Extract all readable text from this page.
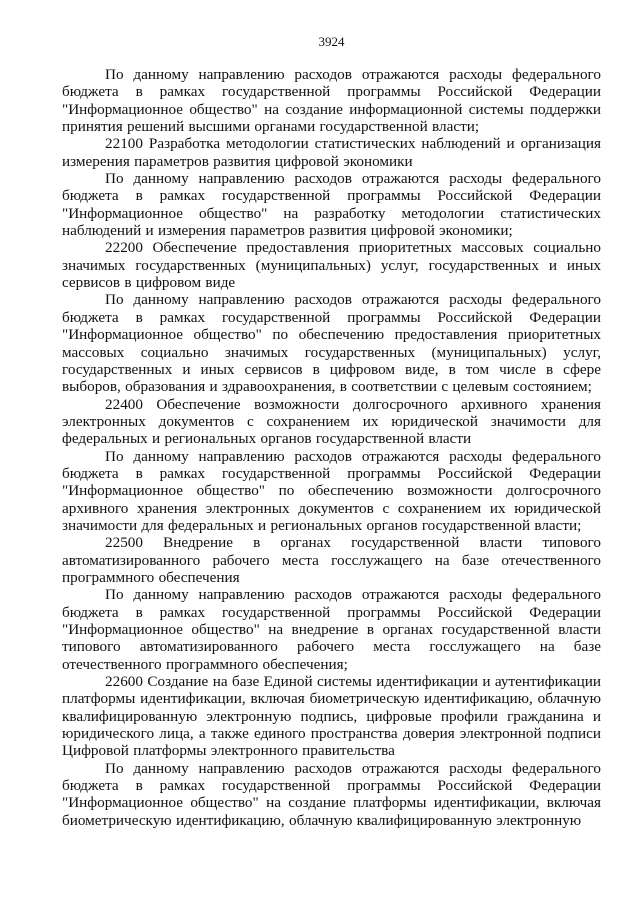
3924

По данному направлению расходов отражаются расходы федерального бюджета в рамках государственной программы Российской Федерации "Информационное общество" на создание информационной системы поддержки принятия решений высшими органами государственной власти;

22100 Разработка методологии статистических наблюдений и организация измерения параметров развития цифровой экономики

По данному направлению расходов отражаются расходы федерального бюджета в рамках государственной программы Российской Федерации "Информационное общество" на разработку методологии статистических наблюдений и измерения параметров развития цифровой экономики;

22200 Обеспечение предоставления приоритетных массовых социально значимых государственных (муниципальных) услуг, государственных и иных сервисов в цифровом виде

По данному направлению расходов отражаются расходы федерального бюджета в рамках государственной программы Российской Федерации "Информационное общество" по обеспечению предоставления приоритетных массовых социально значимых государственных (муниципальных) услуг, государственных и иных сервисов в цифровом виде, в том числе в сфере выборов, образования и здравоохранения, в соответствии с целевым состоянием;

22400 Обеспечение возможности долгосрочного архивного хранения электронных документов с сохранением их юридической значимости для федеральных и региональных органов государственной власти

По данному направлению расходов отражаются расходы федерального бюджета в рамках государственной программы Российской Федерации "Информационное общество" по обеспечению возможности долгосрочного архивного хранения электронных документов с сохранением их юридической значимости для федеральных и региональных органов государственной власти;

22500 Внедрение в органах государственной власти типового автоматизированного рабочего места госслужащего на базе отечественного программного обеспечения

По данному направлению расходов отражаются расходы федерального бюджета в рамках государственной программы Российской Федерации "Информационное общество" на внедрение в органах государственной власти типового автоматизированного рабочего места госслужащего на базе отечественного программного обеспечения;

22600 Создание на базе Единой системы идентификации и аутентификации платформы идентификации, включая биометрическую идентификацию, облачную квалифицированную электронную подпись, цифровые профили гражданина и юридического лица, а также единого пространства доверия электронной подписи Цифровой платформы электронного правительства

По данному направлению расходов отражаются расходы федерального бюджета в рамках государственной программы Российской Федерации "Информационное общество" на создание платформы идентификации, включая биометрическую идентификацию, облачную квалифицированную электронную
